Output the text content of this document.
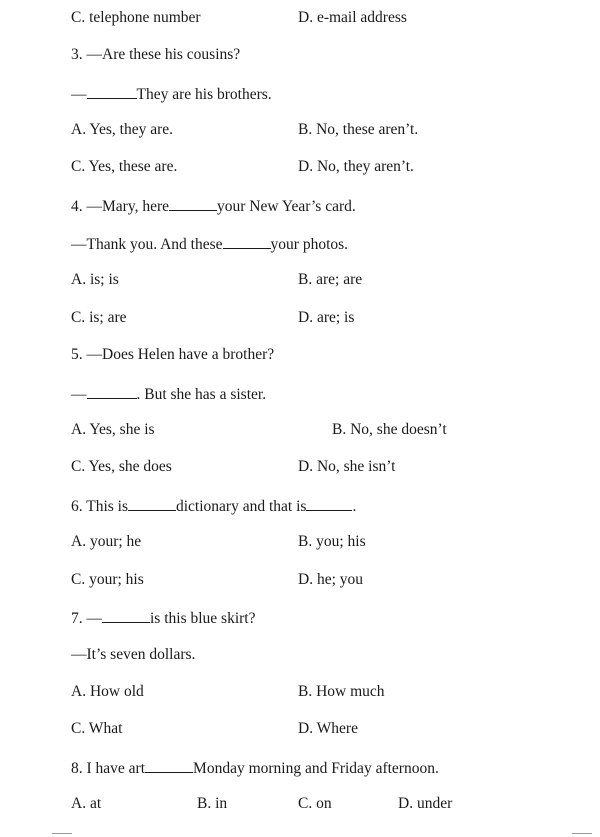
C. telephone number	D. e-mail address
3. —Are these his cousins?
—	They are his brothers.
A. Yes, they are.	B. No, these aren’t.
C. Yes, these are.	D. No, they aren’t.
4. —Mary, here	your New Year’s card.
—Thank you. And these	your photos.
A. is; is	B. are; are
C. is; are	D. are; is
5. —Does Helen have a brother?
—	. But she has a sister.
A. Yes, she is	B. No, she doesn’t
C. Yes, she does	D. No, she isn’t
6. This is	dictionary and that is	.
A. your; he	B. you; his
C. your; his	D. he; you
7. —	is this blue skirt?
—It’s seven dollars.
A. How old	B. How much
C. What	D. Where
8. I have art	Monday morning and Friday afternoon.
A. at	B. in	C. on	D. under
